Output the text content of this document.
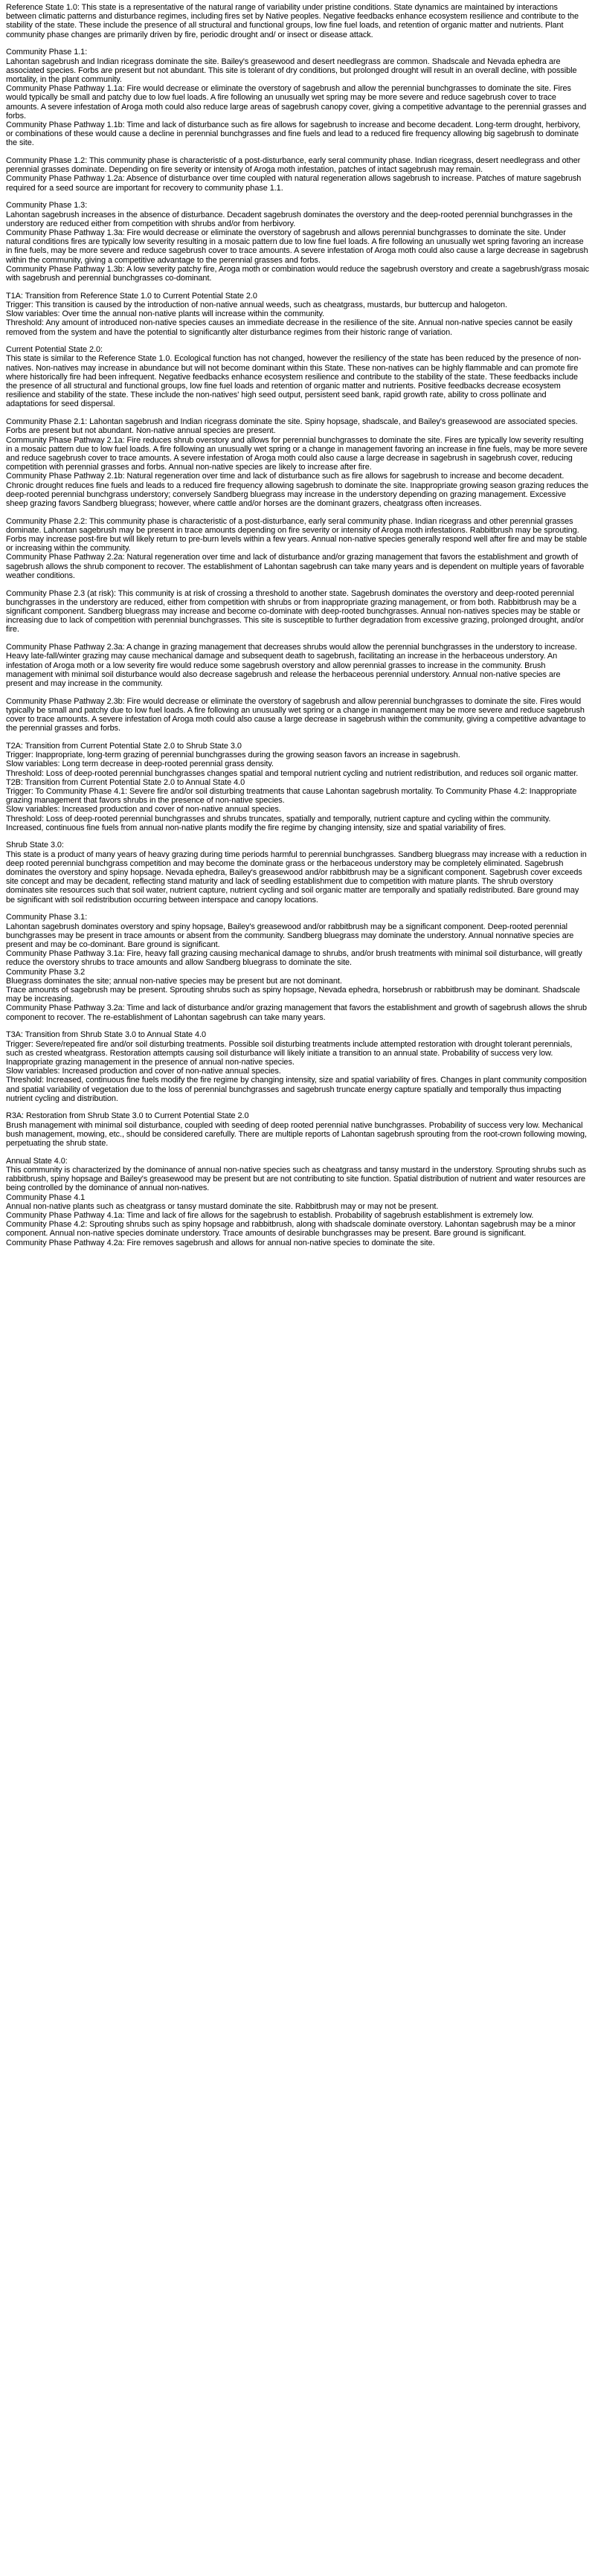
Reference State 1.0: This state is a representative of the natural range of variability under pristine conditions. State dynamics are maintained by interactions between climatic patterns and disturbance regimes, including fires set by Native peoples. Negative feedbacks enhance ecosystem resilience and contribute to the stability of the state. These include the presence of all structural and functional groups, low fine fuel loads, and retention of organic matter and nutrients. Plant community phase changes are primarily driven by fire, periodic drought and/ or insect or disease attack.
Community Phase 1.1:
Lahontan sagebrush and Indian ricegrass dominate the site. Bailey's greasewood and desert needlegrass are common. Shadscale and Nevada ephedra are associated species. Forbs are present but not abundant. This site is tolerant of dry conditions, but prolonged drought will result in an overall decline, with possible mortality, in the plant community.
Community Phase Pathway 1.1a: Fire would decrease or eliminate the overstory of sagebrush and allow the perennial bunchgrasses to dominate the site. Fires would typically be small and patchy due to low fuel loads. A fire following an unusually wet spring may be more severe and reduce sagebrush cover to trace amounts. A severe infestation of Aroga moth could also reduce large areas of sagebrush canopy cover, giving a competitive advantage to the perennial grasses and forbs.
Community Phase Pathway 1.1b: Time and lack of disturbance such as fire allows for sagebrush to increase and become decadent. Long-term drought, herbivory, or combinations of these would cause a decline in perennial bunchgrasses and fine fuels and lead to a reduced fire frequency allowing big sagebrush to dominate the site.
Community Phase 1.2: This community phase is characteristic of a post-disturbance, early seral community phase. Indian ricegrass, desert needlegrass and other perennial grasses dominate. Depending on fire severity or intensity of Aroga moth infestation, patches of intact sagebrush may remain.
Community Phase Pathway 1.2a: Absence of disturbance over time coupled with natural regeneration allows sagebrush to increase. Patches of mature sagebrush required for a seed source are important for recovery to community phase 1.1.
Community Phase 1.3:
Lahontan sagebrush increases in the absence of disturbance. Decadent sagebrush dominates the overstory and the deep-rooted perennial bunchgrasses in the understory are reduced either from competition with shrubs and/or from herbivory.
Community Phase Pathway 1.3a: Fire would decrease or eliminate the overstory of sagebrush and allows perennial bunchgrasses to dominate the site. Under natural conditions fires are typically low severity resulting in a mosaic pattern due to low fine fuel loads. A fire following an unusually wet spring favoring an increase in fine fuels, may be more severe and reduce sagebrush cover to trace amounts. A severe infestation of Aroga moth could also cause a large decrease in sagebrush within the community, giving a competitive advantage to the perennial grasses and forbs.
Community Phase Pathway 1.3b: A low severity patchy fire, Aroga moth or combination would reduce the sagebrush overstory and create a sagebrush/grass mosaic with sagebrush and perennial bunchgrasses co-dominant.
T1A: Transition from Reference State 1.0 to Current Potential State 2.0
Trigger: This transition is caused by the introduction of non-native annual weeds, such as cheatgrass, mustards, bur buttercup and halogeton.
Slow variables: Over time the annual non-native plants will increase within the community.
Threshold: Any amount of introduced non-native species causes an immediate decrease in the resilience of the site. Annual non-native species cannot be easily removed from the system and have the potential to significantly alter disturbance regimes from their historic range of variation.
Current Potential State 2.0:
This state is similar to the Reference State 1.0. Ecological function has not changed, however the resiliency of the state has been reduced by the presence of non-natives. Non-natives may increase in abundance but will not become dominant within this State. These non-natives can be highly flammable and can promote fire where historically fire had been infrequent. Negative feedbacks enhance ecosystem resilience and contribute to the stability of the state. These feedbacks include the presence of all structural and functional groups, low fine fuel loads and retention of organic matter and nutrients. Positive feedbacks decrease ecosystem resilience and stability of the state. These include the non-natives' high seed output, persistent seed bank, rapid growth rate, ability to cross pollinate and adaptations for seed dispersal.
Community Phase 2.1: Lahontan sagebrush and Indian ricegrass dominate the site. Spiny hopsage, shadscale, and Bailey's greasewood are associated species. Forbs are present but not abundant. Non-native annual species are present.
Community Phase Pathway 2.1a: Fire reduces shrub overstory and allows for perennial bunchgrasses to dominate the site. Fires are typically low severity resulting in a mosaic pattern due to low fuel loads. A fire following an unusually wet spring or a change in management favoring an increase in fine fuels, may be more severe and reduce sagebrush cover to trace amounts. A severe infestation of Aroga moth could also cause a large decrease in sagebrush in sagebrush cover, reducing competition with perennial grasses and forbs. Annual non-native species are likely to increase after fire.
Community Phase Pathway 2.1b: Natural regeneration over time and lack of disturbance such as fire allows for sagebrush to increase and become decadent. Chronic drought reduces fine fuels and leads to a reduced fire frequency allowing sagebrush to dominate the site. Inappropriate growing season grazing reduces the deep-rooted perennial bunchgrass understory; conversely Sandberg bluegrass may increase in the understory depending on grazing management. Excessive sheep grazing favors Sandberg bluegrass; however, where cattle and/or horses are the dominant grazers, cheatgrass often increases.
Community Phase 2.2: This community phase is characteristic of a post-disturbance, early seral community phase. Indian ricegrass and other perennial grasses dominate. Lahontan sagebrush may be present in trace amounts depending on fire severity or intensity of Aroga moth infestations. Rabbitbrush may be sprouting. Forbs may increase post-fire but will likely return to pre-burn levels within a few years. Annual non-native species generally respond well after fire and may be stable or increasing within the community.
Community Phase Pathway 2.2a: Natural regeneration over time and lack of disturbance and/or grazing management that favors the establishment and growth of sagebrush allows the shrub component to recover. The establishment of Lahontan sagebrush can take many years and is dependent on multiple years of favorable weather conditions.
Community Phase 2.3 (at risk): This community is at risk of crossing a threshold to another state. Sagebrush dominates the overstory and deep-rooted perennial bunchgrasses in the understory are reduced, either from competition with shrubs or from inappropriate grazing management, or from both. Rabbitbrush may be a significant component. Sandberg bluegrass may increase and become co-dominate with deep-rooted bunchgrasses. Annual non-natives species may be stable or increasing due to lack of competition with perennial bunchgrasses. This site is susceptible to further degradation from excessive grazing, prolonged drought, and/or fire.
Community Phase Pathway 2.3a: A change in grazing management that decreases shrubs would allow the perennial bunchgrasses in the understory to increase. Heavy late-fall/winter grazing may cause mechanical damage and subsequent death to sagebrush, facilitating an increase in the herbaceous understory. An infestation of Aroga moth or a low severity fire would reduce some sagebrush overstory and allow perennial grasses to increase in the community. Brush management with minimal soil disturbance would also decrease sagebrush and release the herbaceous perennial understory. Annual non-native species are present and may increase in the community.
Community Phase Pathway 2.3b: Fire would decrease or eliminate the overstory of sagebrush and allow perennial bunchgrasses to dominate the site. Fires would typically be small and patchy due to low fuel loads. A fire following an unusually wet spring or a change in management may be more severe and reduce sagebrush cover to trace amounts. A severe infestation of Aroga moth could also cause a large decrease in sagebrush within the community, giving a competitive advantage to the perennial grasses and forbs.
T2A: Transition from Current Potential State 2.0 to Shrub State 3.0
Trigger: Inappropriate, long-term grazing of perennial bunchgrasses during the growing season favors an increase in sagebrush.
Slow variables: Long term decrease in deep-rooted perennial grass density.
Threshold: Loss of deep-rooted perennial bunchgrasses changes spatial and temporal nutrient cycling and nutrient redistribution, and reduces soil organic matter.
T2B: Transition from Current Potential State 2.0 to Annual State 4.0
Trigger: To Community Phase 4.1: Severe fire and/or soil disturbing treatments that cause Lahontan sagebrush mortality. To Community Phase 4.2: Inappropriate grazing management that favors shrubs in the presence of non-native species.
Slow variables: Increased production and cover of non-native annual species.
Threshold: Loss of deep-rooted perennial bunchgrasses and shrubs truncates, spatially and temporally, nutrient capture and cycling within the community. Increased, continuous fine fuels from annual non-native plants modify the fire regime by changing intensity, size and spatial variability of fires.
Shrub State 3.0:
This state is a product of many years of heavy grazing during time periods harmful to perennial bunchgrasses. Sandberg bluegrass may increase with a reduction in deep rooted perennial bunchgrass competition and may become the dominate grass or the herbaceous understory may be completely eliminated. Sagebrush dominates the overstory and spiny hopsage. Nevada ephedra, Bailey's greasewood and/or rabbitbrush may be a significant component. Sagebrush cover exceeds site concept and may be decadent, reflecting stand maturity and lack of seedling establishment due to competition with mature plants. The shrub overstory dominates site resources such that soil water, nutrient capture, nutrient cycling and soil organic matter are temporally and spatially redistributed. Bare ground may be significant with soil redistribution occurring between interspace and canopy locations.
Community Phase 3.1:
Lahontan sagebrush dominates overstory and spiny hopsage, Bailey's greasewood and/or rabbitbrush may be a significant component. Deep-rooted perennial bunchgrasses may be present in trace amounts or absent from the community. Sandberg bluegrass may dominate the understory. Annual nonnative species are present and may be co-dominant. Bare ground is significant.
Community Phase Pathway 3.1a: Fire, heavy fall grazing causing mechanical damage to shrubs, and/or brush treatments with minimal soil disturbance, will greatly reduce the overstory shrubs to trace amounts and allow Sandberg bluegrass to dominate the site.
Community Phase 3.2
Bluegrass dominates the site; annual non-native species may be present but are not dominant.
Trace amounts of sagebrush may be present. Sprouting shrubs such as spiny hopsage, Nevada ephedra, horsebrush or rabbitbrush may be dominant. Shadscale may be increasing.
Community Phase Pathway 3.2a: Time and lack of disturbance and/or grazing management that favors the establishment and growth of sagebrush allows the shrub component to recover. The re-establishment of Lahontan sagebrush can take many years.
T3A: Transition from Shrub State 3.0 to Annual State 4.0
Trigger: Severe/repeated fire and/or soil disturbing treatments. Possible soil disturbing treatments include attempted restoration with drought tolerant perennials, such as crested wheatgrass. Restoration attempts causing soil disturbance will likely initiate a transition to an annual state. Probability of success very low. Inappropriate grazing management in the presence of annual non-native species.
Slow variables: Increased production and cover of non-native annual species.
Threshold: Increased, continuous fine fuels modify the fire regime by changing intensity, size and spatial variability of fires. Changes in plant community composition and spatial variability of vegetation due to the loss of perennial bunchgrasses and sagebrush truncate energy capture spatially and temporally thus impacting nutrient cycling and distribution.
R3A: Restoration from Shrub State 3.0 to Current Potential State 2.0
Brush management with minimal soil disturbance, coupled with seeding of deep rooted perennial native bunchgrasses. Probability of success very low. Mechanical bush management, mowing, etc., should be considered carefully. There are multiple reports of Lahontan sagebrush sprouting from the root-crown following mowing, perpetuating the shrub state.
Annual State 4.0:
This community is characterized by the dominance of annual non-native species such as cheatgrass and tansy mustard in the understory. Sprouting shrubs such as rabbitbrush, spiny hopsage and Bailey's greasewood may be present but are not contributing to site function. Spatial distribution of nutrient and water resources are being controlled by the dominance of annual non-natives.
Community Phase 4.1
Annual non-native plants such as cheatgrass or tansy mustard dominate the site. Rabbitbrush may or may not be present.
Community Phase Pathway 4.1a: Time and lack of fire allows for the sagebrush to establish. Probability of sagebrush establishment is extremely low.
Community Phase 4.2: Sprouting shrubs such as spiny hopsage and rabbitbrush, along with shadscale dominate overstory. Lahontan sagebrush may be a minor component. Annual non-native species dominate understory. Trace amounts of desirable bunchgrasses may be present. Bare ground is significant.
Community Phase Pathway 4.2a: Fire removes sagebrush and allows for annual non-native species to dominate the site.
